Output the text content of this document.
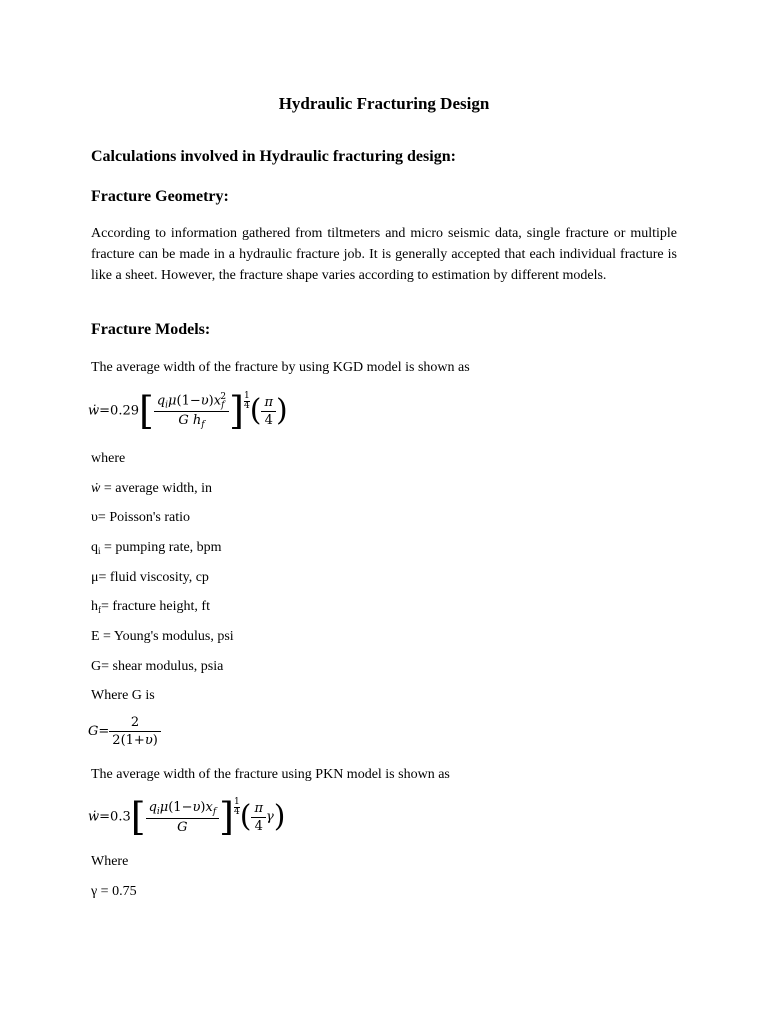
Hydraulic Fracturing Design
Calculations involved in Hydraulic fracturing design:
Fracture Geometry:
According to information gathered from tiltmeters and micro seismic data, single fracture or multiple fracture can be made in a hydraulic fracture job. It is generally accepted that each individual fracture is like a sheet. However, the fracture shape varies according to estimation by different models.
Fracture Models:
The average width of the fracture by using KGD model is shown as
ẇ=0.29[ $\frac{q_i\mu(1-\upsilon)x_f^2}{G h_f}$ ] $\frac{1}{4}( \frac{\pi}{4}$ )
where
ẇ = average width, in
υ= Poisson's ratio
$q_i$ = pumping rate, bpm
μ= fluid viscosity, cp
$h_f=$ fracture height, ft
E = Young's modulus, psi
G= shear modulus, psia
Where G is
$G= \frac{2}{2(1+\upsilon)}$
The average width of the fracture using PKN model is shown as
ẇ=0.3[ $\frac{q_i\mu(1-\upsilon)x_f}{G}$ ] $\frac{1}{4}( \frac{\pi}{4} \gamma)$
Where
γ = 0.75
